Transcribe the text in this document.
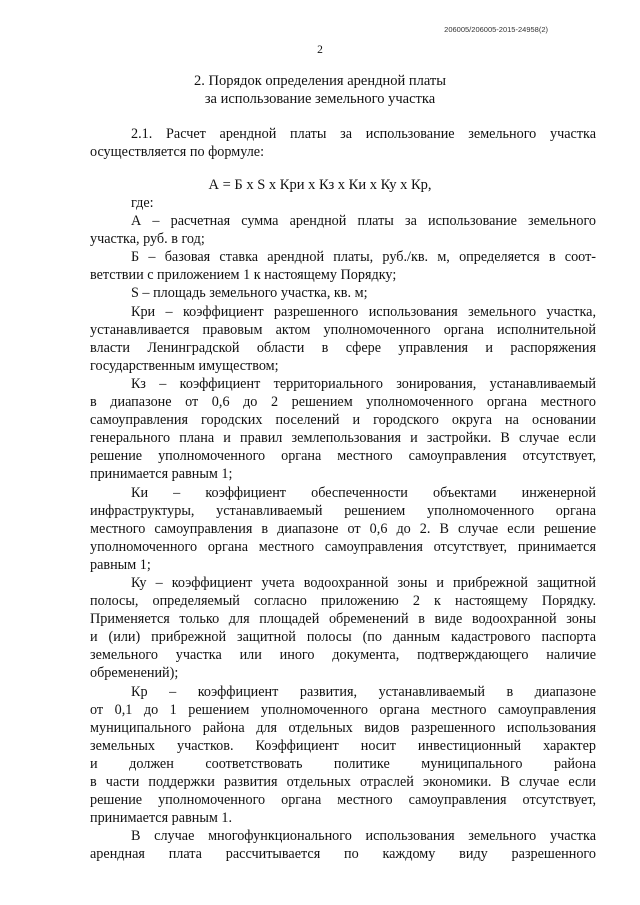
206005/206005-2015-24958(2)
2
2. Порядок определения арендной платы
за использование земельного участка
2.1. Расчет арендной платы за использование земельного участка
осуществляется по формуле:
А = Б х S х Кри х Кз х Ки х Ку х Кр,
где:
А – расчетная сумма арендной платы за использование земельного
участка, руб. в год;
Б – базовая ставка арендной платы, руб./кв. м, определяется в соот-
ветствии с приложением 1 к настоящему Порядку;
S – площадь земельного участка, кв. м;
Кри – коэффициент разрешенного использования земельного участка,
устанавливается правовым актом уполномоченного органа исполнительной
власти Ленинградской области в сфере управления и распоряжения
государственным имуществом;
Кз – коэффициент территориального зонирования, устанавливаемый
в диапазоне от 0,6 до 2 решением уполномоченного органа местного
самоуправления городских поселений и городского округа на основании
генерального плана и правил землепользования и застройки. В случае если
решение уполномоченного органа местного самоуправления отсутствует,
принимается равным 1;
Ки – коэффициент обеспеченности объектами инженерной
инфраструктуры, устанавливаемый решением уполномоченного органа
местного самоуправления в диапазоне от 0,6 до 2. В случае если решение
уполномоченного органа местного самоуправления отсутствует, принимается
равным 1;
Ку – коэффициент учета водоохранной зоны и прибрежной защитной
полосы, определяемый согласно приложению 2 к настоящему Порядку.
Применяется только для площадей обременений в виде водоохранной зоны
и (или) прибрежной защитной полосы (по данным кадастрового паспорта
земельного участка или иного документа, подтверждающего наличие
обременений);
Кр – коэффициент развития, устанавливаемый в диапазоне
от 0,1 до 1 решением уполномоченного органа местного самоуправления
муниципального района для отдельных видов разрешенного использования
земельных участков. Коэффициент носит инвестиционный характер
и должен соответствовать политике муниципального района
в части поддержки развития отдельных отраслей экономики. В случае если
решение уполномоченного органа местного самоуправления отсутствует,
принимается равным 1.
В случае многофункционального использования земельного участка
арендная плата рассчитывается по каждому виду разрешенного
